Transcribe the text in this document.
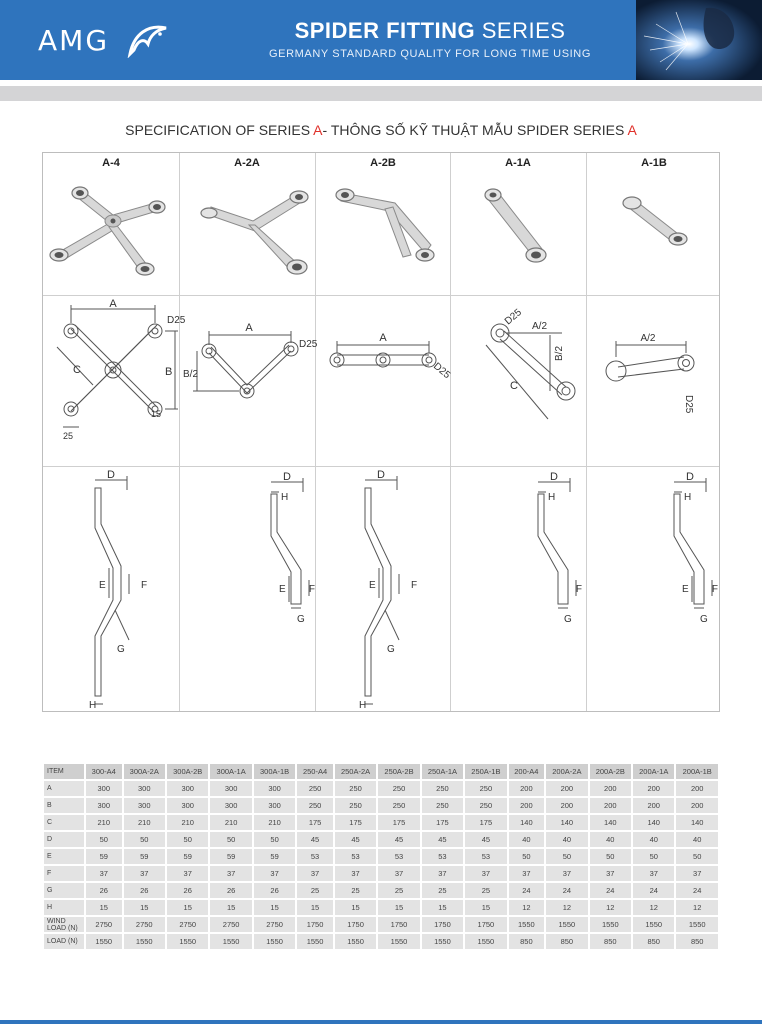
AMG	SPIDER FITTING SERIES
GERMANY STANDARD QUALITY FOR LONG TIME USING
SPECIFICATION OF SERIES A- THÔNG SỐ KỸ THUẬT MẪU SPIDER SERIES A
A-4	A-2A	A-2B	A-1A	A-1B
A
D25
B
C
15
25
A
D25
B/2
A
D25
A/2
B/2
C
D25
A/2
D25
D
E	F
G
H
D
H
E F
G
D
E	F
G
H
D
H
F
G
D
H
E F
G
ITEM	300-A4	300A-2A	300A-2B	300A-1A	300A-1B	250-A4	250A-2A	250A-2B	250A-1A	250A-1B	200-A4	200A-2A	200A-2B	200A-1A	200A-1B
A	300	300	300	300	300	250	250	250	250	250	200	200	200	200	200
B	300	300	300	300	300	250	250	250	250	250	200	200	200	200	200
C	210	210	210	210	210	175	175	175	175	175	140	140	140	140	140
D	50	50	50	50	50	45	45	45	45	45	40	40	40	40	40
E	59	59	59	59	59	53	53	53	53	53	50	50	50	50	50
F	37	37	37	37	37	37	37	37	37	37	37	37	37	37	37
G	26	26	26	26	26	25	25	25	25	25	24	24	24	24	24
H	15	15	15	15	15	15	15	15	15	15	12	12	12	12	12
WIND LOAD (N)	2750	2750	2750	2750	2750	1750	1750	1750	1750	1750	1550	1550	1550	1550	1550
LOAD (N)	1550	1550	1550	1550	1550	1550	1550	1550	1550	1550	850	850	850	850	850
